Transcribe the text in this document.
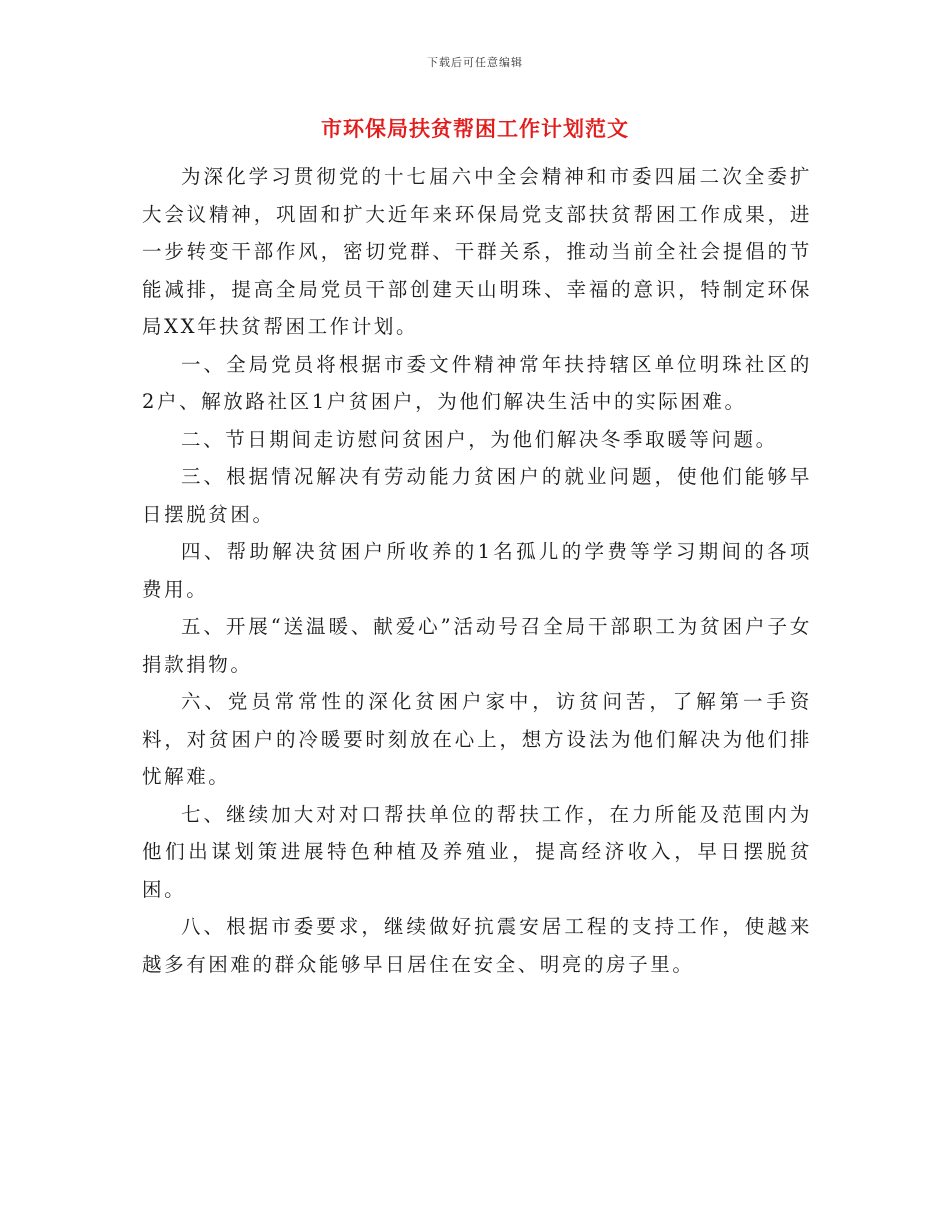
下载后可任意编辑
市环保局扶贫帮困工作计划范文

为深化学习贯彻党的十七届六中全会精神和市委四届二次全委扩大会议精神，巩固和扩大近年来环保局党支部扶贫帮困工作成果，进一步转变干部作风，密切党群、干群关系，推动当前全社会提倡的节能减排，提高全局党员干部创建天山明珠、幸福的意识，特制定环保局XX年扶贫帮困工作计划。

一、全局党员将根据市委文件精神常年扶持辖区单位明珠社区的2户、解放路社区1户贫困户，为他们解决生活中的实际困难。

二、节日期间走访慰问贫困户，为他们解决冬季取暖等问题。

三、根据情况解决有劳动能力贫困户的就业问题，使他们能够早日摆脱贫困。

四、帮助解决贫困户所收养的1名孤儿的学费等学习期间的各项费用。

五、开展“送温暖、献爱心”活动号召全局干部职工为贫困户子女捐款捐物。

六、党员常常性的深化贫困户家中，访贫问苦，了解第一手资料，对贫困户的冷暖要时刻放在心上，想方设法为他们解决为他们排忧解难。

七、继续加大对对口帮扶单位的帮扶工作，在力所能及范围内为他们出谋划策进展特色种植及养殖业，提高经济收入，早日摆脱贫困。

八、根据市委要求，继续做好抗震安居工程的支持工作，使越来越多有困难的群众能够早日居住在安全、明亮的房子里。
